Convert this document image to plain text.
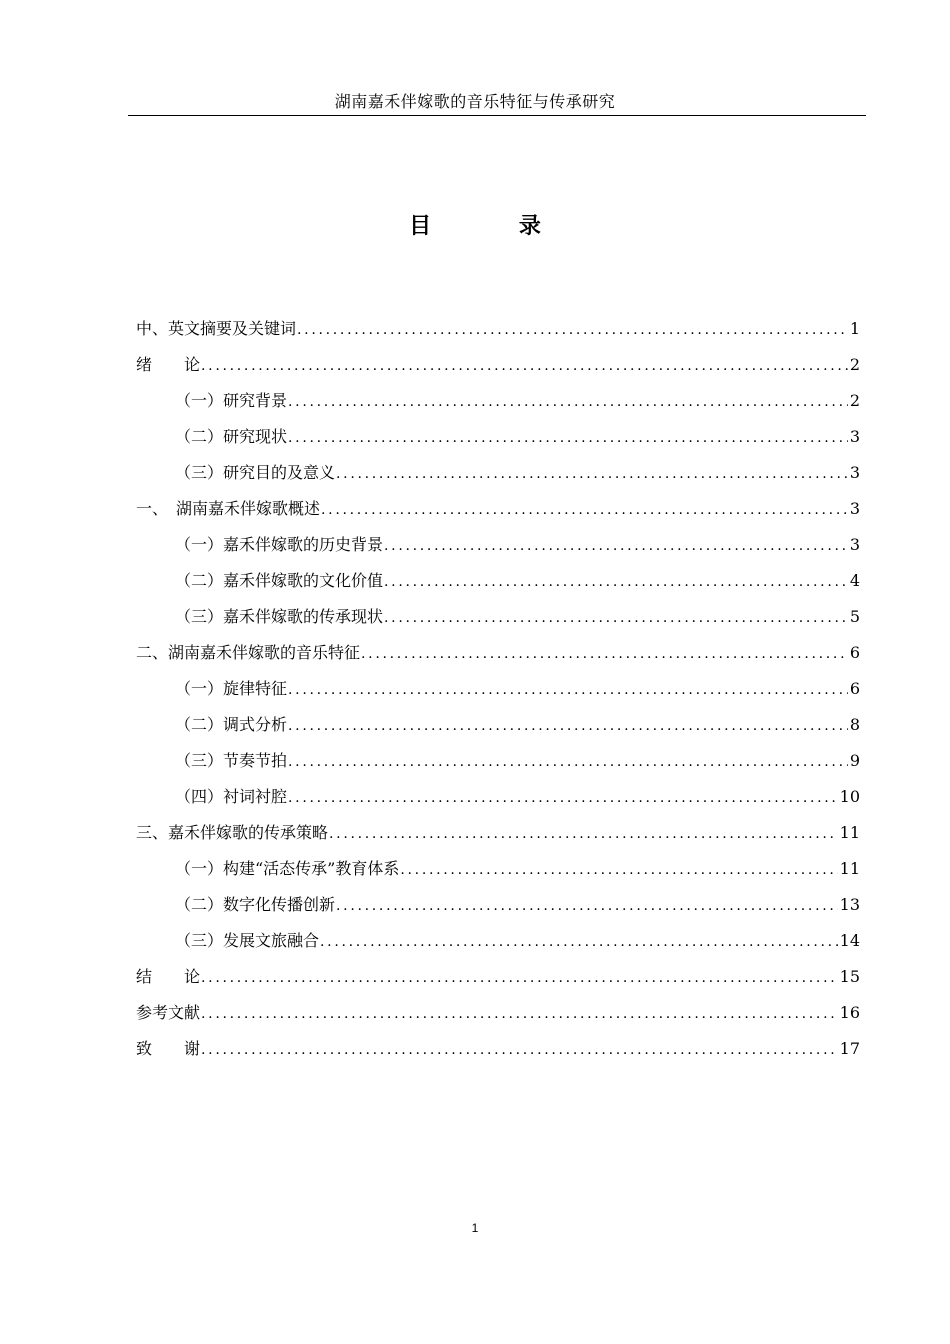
湖南嘉禾伴嫁歌的音乐特征与传承研究
目 录
中、英文摘要及关键词 .....	1
绪　　论 .....	2
（一）研究背景 .....	2
（二）研究现状 .....	3
（三）研究目的及意义 .....	3
一、　湖南嘉禾伴嫁歌概述 .....	3
（一）嘉禾伴嫁歌的历史背景 .....	3
（二）嘉禾伴嫁歌的文化价值 .....	4
（三）嘉禾伴嫁歌的传承现状 .....	5
二、湖南嘉禾伴嫁歌的音乐特征 .....	6
（一）旋律特征 .....	6
（二）调式分析 .....	8
（三）节奏节拍 .....	9
（四）衬词衬腔 .....	10
三、嘉禾伴嫁歌的传承策略 .....	11
（一）构建“活态传承”教育体系 .....	11
（二）数字化传播创新 .....	13
（三）发展文旅融合 .....	14
结　　论 .....	15
参考文献 .....	16
致　　谢 .....	17
1
